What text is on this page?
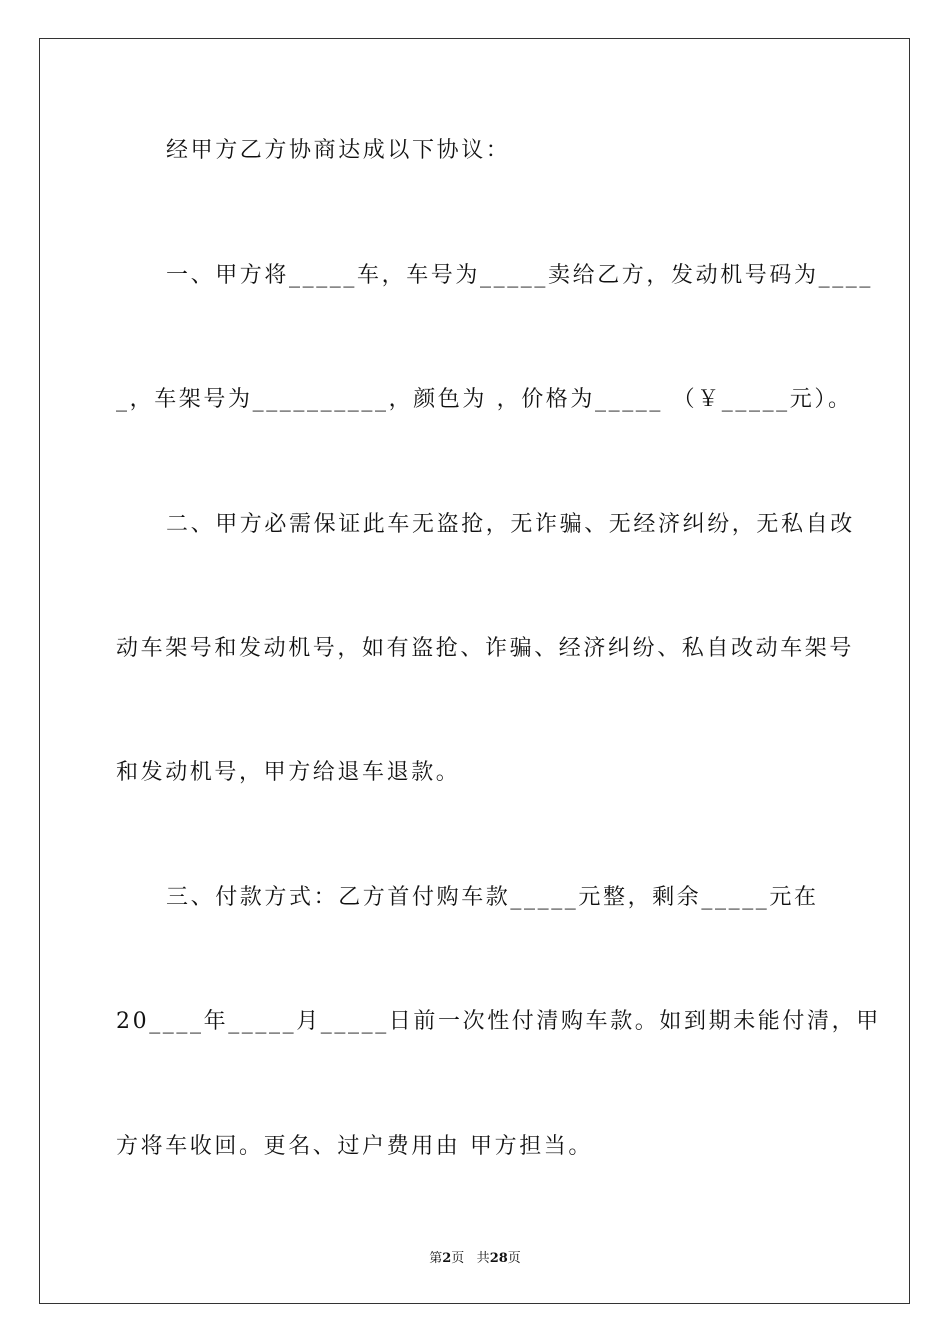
经甲方乙方协商达成以下协议：
一、甲方将_____车，车号为_____卖给乙方，发动机号码为____
_，车架号为__________，颜色为 ，价格为_____ （￥_____元）。
二、甲方必需保证此车无盗抢，无诈骗、无经济纠纷，无私自改
动车架号和发动机号，如有盗抢、诈骗、经济纠纷、私自改动车架号
和发动机号，甲方给退车退款。
三、付款方式：乙方首付购车款_____元整，剩余_____元在
20____年_____月_____日前一次性付清购车款。如到期未能付清，甲
方将车收回。更名、过户费用由 甲方担当。
第2页 共28页
